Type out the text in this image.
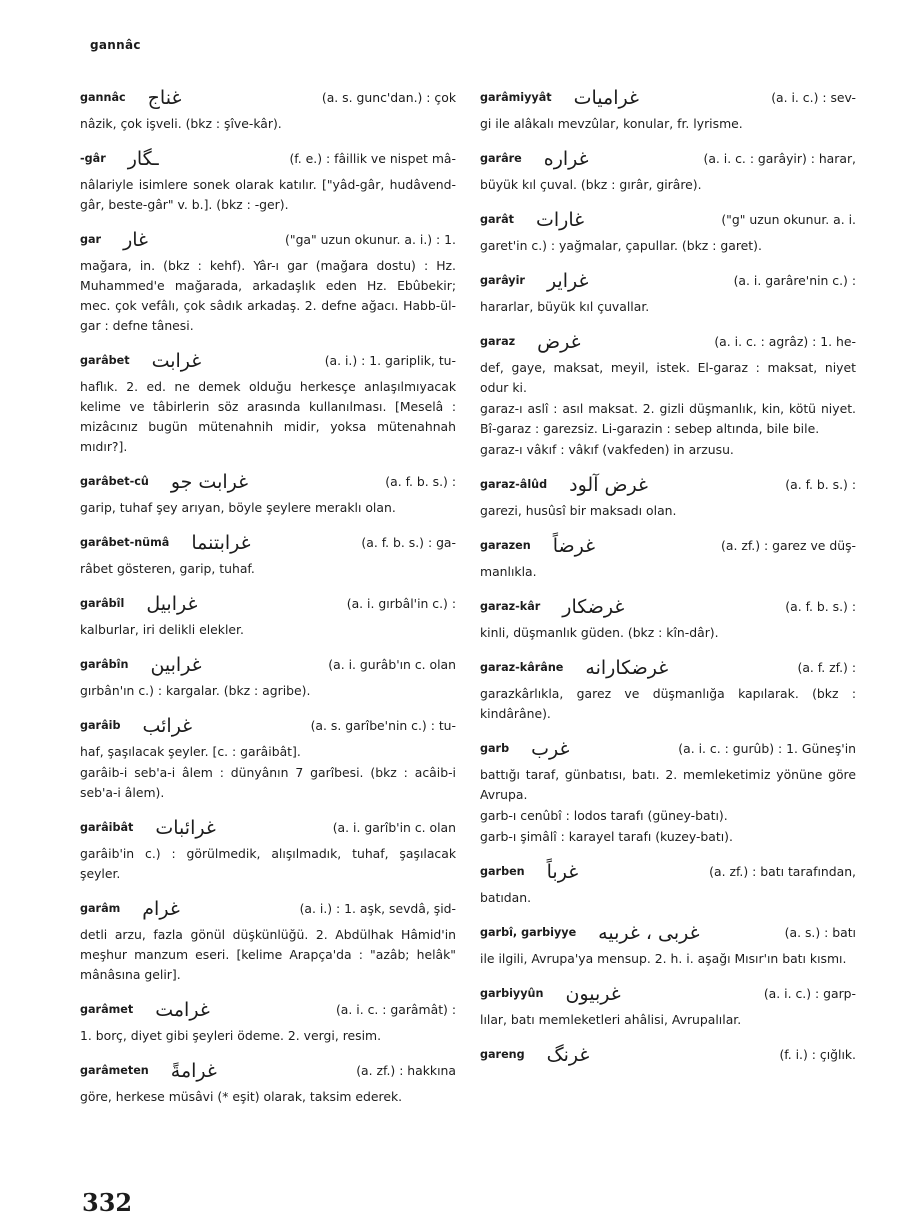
gannâc
gannâc غناج	(a. s. gunc'dan.) : çok
nâzik, çok işveli. (bkz : şîve-kâr).
-gâr ـگار	(f. e.) : fâillik ve nispet mâ-
nâlariyle isimlere sonek olarak katılır. ["yâd-gâr, hudâvend-gâr, beste-gâr" v. b.]. (bkz : -ger).
gar غار	("ga" uzun okunur. a. i.) : 1.
mağara, in. (bkz : kehf). Yâr-ı gar (mağara dostu) : Hz. Muhammed'e mağarada, arkadaşlık eden Hz. Ebûbekir; mec. çok vefâlı, çok sâdık arkadaş. 2. defne ağacı. Habb-ül-gar : defne tânesi.
garâbet غرابت	(a. i.) : 1. gariplik, tu-
haflık. 2. ed. ne demek olduğu herkesçe anlaşılmıyacak kelime ve tâbirlerin söz arasında kullanılması. [Meselâ : mizâcınız bugün mütenahnih midir, yoksa mütenahnah mıdır?].
garâbet-cû غرابت جو	(a. f. b. s.) :
garip, tuhaf şey arıyan, böyle şeylere meraklı olan.
garâbet-nümâ غرابتنما	(a. f. b. s.) : ga-
râbet gösteren, garip, tuhaf.
garâbîl غرابيل	(a. i. gırbâl'in c.) :
kalburlar, iri delikli elekler.
garâbîn غرابين	(a. i. gurâb'ın c. olan
gırbân'ın c.) : kargalar. (bkz : agribe).
garâib غرائب	(a. s. garîbe'nin c.) : tu-
haf, şaşılacak şeyler. [c. : garâibât].
garâib-i seb'a-i âlem : dünyânın 7 garîbesi. (bkz : acâib-i seb'a-i âlem).
garâibât غرائبات	(a. i. garîb'in c. olan
garâib'in c.) : görülmedik, alışılmadık, tuhaf, şaşılacak şeyler.
garâm غرام	(a. i.) : 1. aşk, sevdâ, şid-
detli arzu, fazla gönül düşkünlüğü. 2. Abdülhak Hâmid'in meşhur manzum eseri. [kelime Arapça'da : "azâb; helâk" mânâsına gelir].
garâmet غرامت	(a. i. c. : garâmât) :
1. borç, diyet gibi şeyleri ödeme. 2. vergi, resim.
garâmeten غرامةً	(a. zf.) : hakkına
göre, herkese müsâvi (* eşit) olarak, taksim ederek.
garâmiyyât غراميات	(a. i. c.) : sev-
gi ile alâkalı mevzûlar, konular, fr. lyrisme.
garâre غراره	(a. i. c. : garâyir) : harar,
büyük kıl çuval. (bkz : gırâr, girâre).
garât غارات	("g" uzun okunur. a. i.
garet'in c.) : yağmalar, çapullar. (bkz : garet).
garâyir غراير	(a. i. garâre'nin c.) :
hararlar, büyük kıl çuvallar.
garaz غرض	(a. i. c. : agrâz) : 1. he-
def, gaye, maksat, meyil, istek. El-garaz : maksat, niyet odur ki.
garaz-ı aslî : asıl maksat. 2. gizli düşmanlık, kin, kötü niyet. Bî-garaz : garezsiz. Li-garazin : sebep altında, bile bile.
garaz-ı vâkıf : vâkıf (vakfeden) in arzusu.
garaz-âlûd غرض آلود	(a. f. b. s.) :
garezi, husûsî bir maksadı olan.
garazen غرضاً	(a. zf.) : garez ve düş-
manlıkla.
garaz-kâr غرضكار	(a. f. b. s.) :
kinli, düşmanlık güden. (bkz : kîn-dâr).
garaz-kârâne غرضكارانه	(a. f. zf.) :
garazkârlıkla, garez ve düşmanlığa kapılarak. (bkz : kindârâne).
garb غرب	(a. i. c. : gurûb) : 1. Güneş'in
battığı taraf, günbatısı, batı. 2. memleketimiz yönüne göre Avrupa.
garb-ı cenûbî : lodos tarafı (güney-batı).
garb-ı şimâlî : karayel tarafı (kuzey-batı).
garben غرباً	(a. zf.) : batı tarafından,
batıdan.
garbî, garbiyye غربى ، غربيه	(a. s.) : batı
ile ilgili, Avrupa'ya mensup. 2. h. i. aşağı Mısır'ın batı kısmı.
garbiyyûn غربيون	(a. i. c.) : garp-
lılar, batı memleketleri ahâlisi, Avrupalılar.
gareng غرنگ	(f. i.) : çığlık.
332
